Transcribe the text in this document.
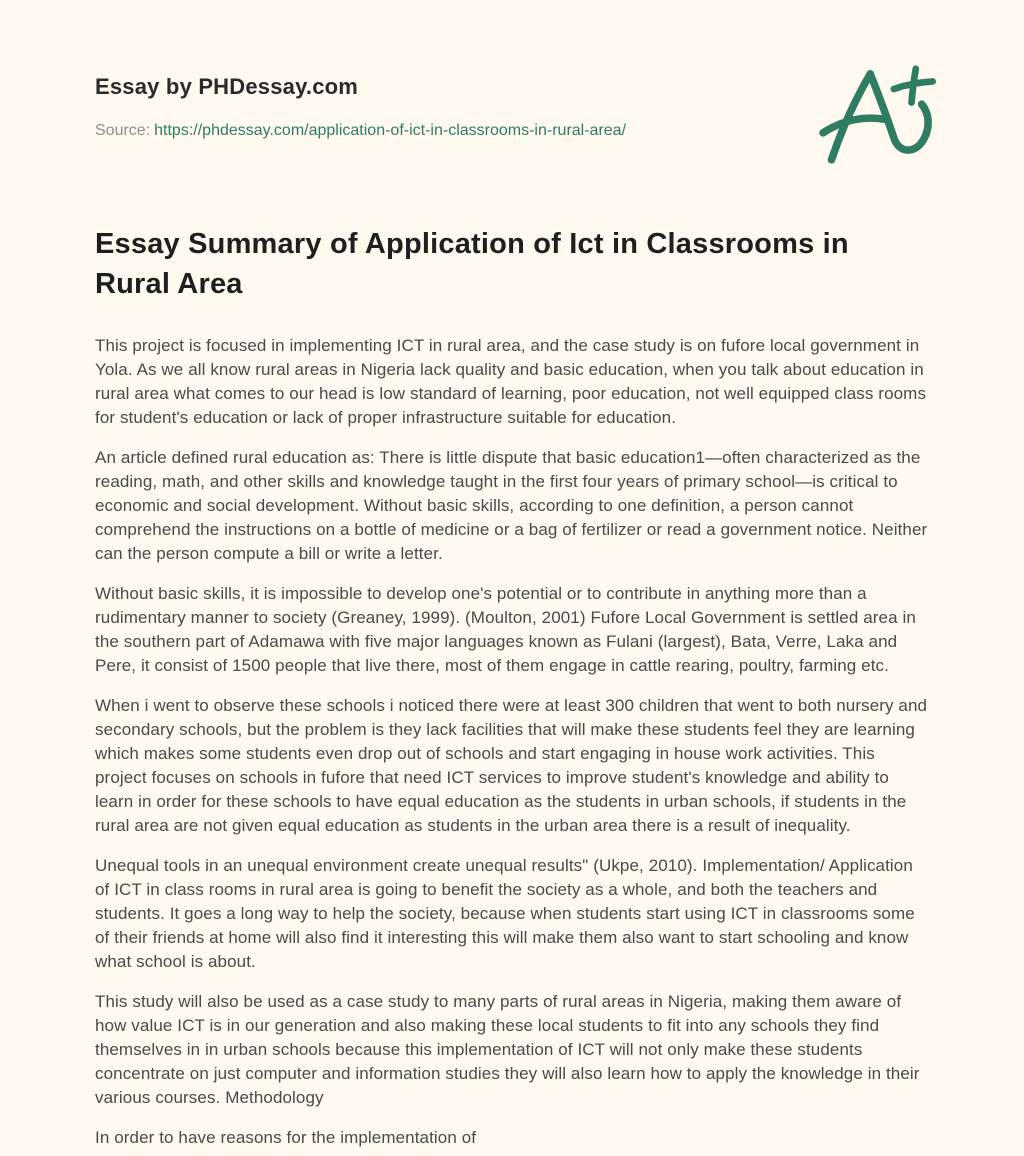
Essay by PHDessay.com
Source: https://phdessay.com/application-of-ict-in-classrooms-in-rural-area/
Essay Summary of Application of Ict in Classrooms in Rural Area

This project is focused in implementing ICT in rural area, and the case study is on fufore local government in Yola. As we all know rural areas in Nigeria lack quality and basic education, when you talk about education in rural area what comes to our head is low standard of learning, poor education, not well equipped class rooms for student's education or lack of proper infrastructure suitable for education.

An article defined rural education as: There is little dispute that basic education1—often characterized as the reading, math, and other skills and knowledge taught in the first four years of primary school—is critical to economic and social development. Without basic skills, according to one definition, a person cannot comprehend the instructions on a bottle of medicine or a bag of fertilizer or read a government notice. Neither can the person compute a bill or write a letter.

Without basic skills, it is impossible to develop one's potential or to contribute in anything more than a rudimentary manner to society (Greaney, 1999). (Moulton, 2001) Fufore Local Government is settled area in the southern part of Adamawa with five major languages known as Fulani (largest), Bata, Verre, Laka and Pere, it consist of 1500 people that live there, most of them engage in cattle rearing, poultry, farming etc.

When i went to observe these schools i noticed there were at least 300 children that went to both nursery and secondary schools, but the problem is they lack facilities that will make these students feel they are learning which makes some students even drop out of schools and start engaging in house work activities. This project focuses on schools in fufore that need ICT services to improve student's knowledge and ability to learn in order for these schools to have equal education as the students in urban schools, if students in the rural area are not given equal education as students in the urban area there is a result of inequality.

Unequal tools in an unequal environment create unequal results" (Ukpe, 2010). Implementation/ Application of ICT in class rooms in rural area is going to benefit the society as a whole, and both the teachers and students. It goes a long way to help the society, because when students start using ICT in classrooms some of their friends at home will also find it interesting this will make them also want to start schooling and know what school is about.

This study will also be used as a case study to many parts of rural areas in Nigeria, making them aware of how value ICT is in our generation and also making these local students to fit into any schools they find themselves in in urban schools because this implementation of ICT will not only make these students concentrate on just computer and information studies they will also learn how to apply the knowledge in their various courses. Methodology

In order to have reasons for the implementation of
